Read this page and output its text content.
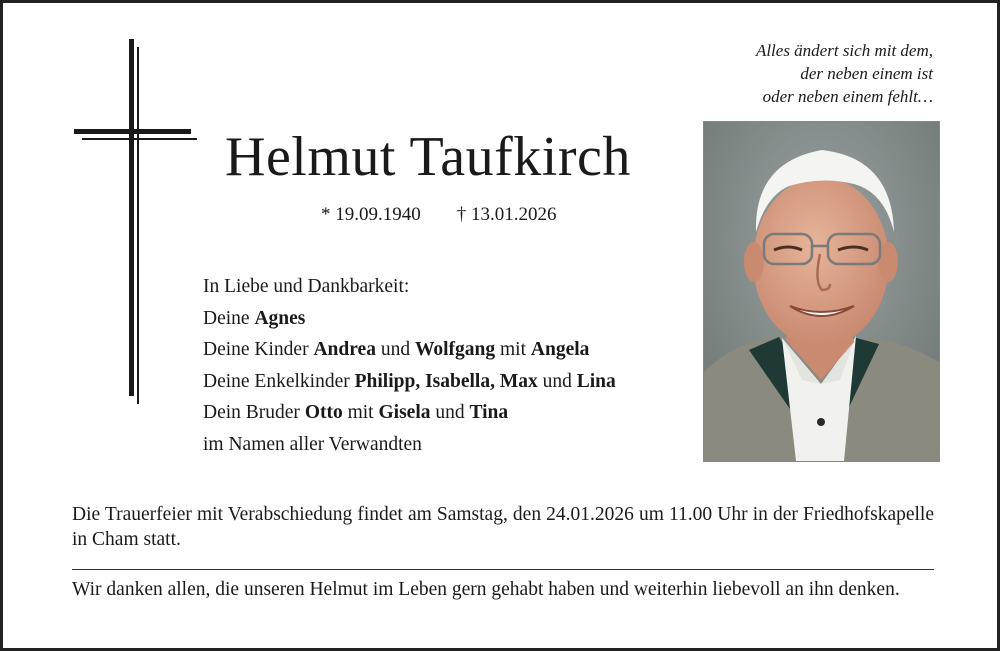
Alles ändert sich mit dem,
der neben einem ist
oder neben einem fehlt…
Helmut Taufkirch
* 19.09.1940 † 13.01.2026
In Liebe und Dankbarkeit:
Deine Agnes
Deine Kinder Andrea und Wolfgang mit Angela
Deine Enkelkinder Philipp, Isabella, Max und Lina
Dein Bruder Otto mit Gisela und Tina
im Namen aller Verwandten
Die Trauerfeier mit Verabschiedung findet am Samstag, den 24.01.2026 um 11.00 Uhr in der Friedhofskapelle in Cham statt.
Wir danken allen, die unseren Helmut im Leben gern gehabt haben und weiterhin liebevoll an ihn denken.
